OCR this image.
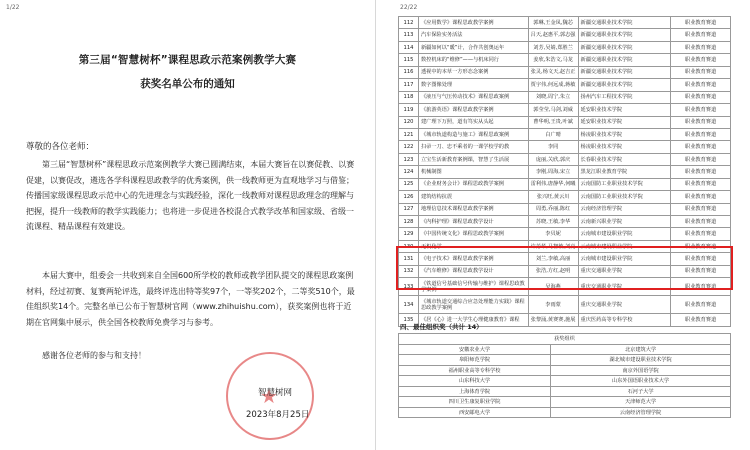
1/22
第三届“智慧树杯”课程思政示范案例教学大赛
获奖名单公布的通知
尊敬的各位老师：
第三届“智慧树杯”课程思政示范案例教学大赛已圆满结束，本届大赛旨在以赛促教、以赛促建，以赛促改，遴选各学科课程思政教学的优秀案例，供一线教师更为直观地学习与借鉴；传播国家级课程思政示范中心的先进理念与实践经验，深化一线教师对课程思政理念的理解与把握，提升一线教师的教学实践能力；也将进一步促进各校混合式教学改革和国家级、省级一流课程、精品课程有效建设。
本届大赛中，组委会一共收到来自全国600所学校的教师或教学团队提交的课程思政案例材料，经过初赛、复赛两轮评选，最终评选出特等奖97个，一等奖202个，二等奖510个，最佳组织奖14个。完整名单已公布于智慧树官网（www.zhihuishu.com），获奖案例也将于近期在官网集中展示，供全国各校教师免费学习与参考。
感谢各位老师的参与和支持！
★
智慧树网
2023年8月25日
22/22
112	《应用数学》课程思政教学案例	郭琳,王金凤,魏芯	新疆交通职业技术学院	职业教育赛道
113	汽车保险实务活法	吕天,赵惠平,郭志强	新疆交通职业技术学院	职业教育赛道
114	新疆如何以“暖”计，合作共创奥运年	刘芳,吴婧,郑胜兰	新疆交通职业技术学院	职业教育赛道
115	数控机床的“维修”——与机床同行	姜欣,朱浩文,马龙	新疆交通职业技术学院	职业教育赛道
116	透视中的本草一方形态念案例	张灵,杨文天,赵吉正	新疆交通职业技术学院	职业教育赛道
117	数字图像处理	贾宇伟,何远成,蒋敏	新疆交通职业技术学院	职业教育赛道
118	《液压与气压传动技术》课程思政案例	刘晓,周宁,朱立	扬州汽车工程技术学院	职业教育赛道
119	《旅游英语》课程思政教学案例	郭莹莹,马剑,刘威	延安职业技术学院	职业教育赛道
120	建广理下万照，道有笃实从头起	曹华明,王贵,叶斌	延安职业技术学院	职业教育赛道
121	《城市轨道构造与施工》课程思政案例	白广晴	杨凌职业技术学院	职业教育赛道
122	扫帚一刀、忠不乘者的一课学校学的教	李同	杨凌职业技术学院	职业教育赛道
123	立宝生活新教育案例课，智慧了生活展	庞丽,关欣,郭庆	长春职业技术学院	职业教育赛道
124	机械制图	李刚,周海,宋立	黑龙江职业教育学院	职业教育赛道
125	《企业财务会计》课程思政教学案例	雷利伟,唐静华,何曦	云南国防工业职业技术学院	职业教育赛道
126	建筑结构抗震	张兴旺,黄云川	云南国防工业职业技术学院	职业教育赛道
127	地理信息技术课程思政教学案例	周勇,乔丽,陈红	云南经济管理学院	职业教育赛道
128	《内科护理》课程思政教学设计	苏晓,王敏,李华	云南新兴职业学院	职业教育赛道
129	《中国传统文化》课程思政教学案例	李贝妮	云南城市建设职业学院	职业教育赛道
130	无机化学	许芳华,马智敏,刘亮	云南城市建设职业学院	职业教育赛道
131	《电子技术》课程思政教学案例	刘兰,李敏,高丽	云南城市建设职业学院	职业教育赛道
132	《汽车维修》课程思政教学设计	张浩,方红,赵明	重庆交通职业学院	职业教育赛道
133	《铁道信号基础信号传输与维护》课程思政教学案例	吴海燕	重庆交通职业学院	职业教育赛道
134	《城市轨道交通综合应急处理能力实践》课程思政教学案例	李雨蒙	重庆交通职业学院	职业教育赛道
135	《居《心》进一大学生心理健康教育》课程	张黎涌,黄赛赛,施展	重庆医药高等专科学校	职业教育赛道
四、最佳组织奖（共计 14）
获奖组织	
安徽农业大学	北京建筑大学
皋阳师范学院	湖北城市建设职业技术学院
福州职业高等专科学校	南京外国语学院
山东科技大学	山东外国语职业技术大学
上海体育学院	石河子大学
四川卫生康复职业学院	天津师范大学
西安邮电大学	云南经济管理学院
